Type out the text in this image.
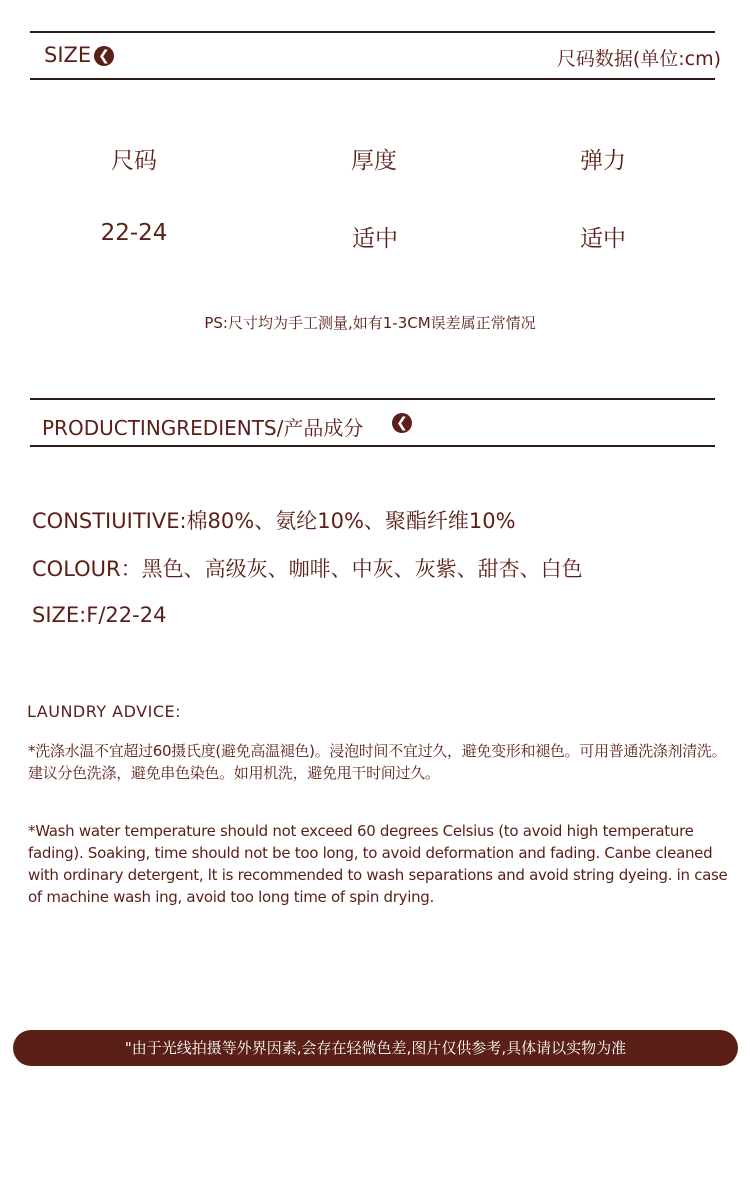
SIZE ❮	尺码数据(单位:cm)
尺码	厚度	弹力
22-24	适中	适中
PS:尺寸均为手工测量,如有1-3CM误差属正常情况
PRODUCTINGREDIENTS/产品成分 ❮
CONSTIUITIVE:棉80%、氨纶10%、聚酯纤维10%
COLOUR：黑色、高级灰、咖啡、中灰、灰紫、甜杏、白色
SIZE:F/22-24
LAUNDRY ADVICE:
*洗涤水温不宜超过60摄氏度(避免高温褪色)。浸泡时间不宜过久，避免变形和褪色。可用普通洗涤剂清洗。建议分色洗涤，避免串色染色。如用机洗，避免甩干时间过久。
*Wash water temperature should not exceed 60 degrees Celsius (to avoid high temperature fading). Soaking, time should not be too long, to avoid deformation and fading. Canbe cleaned with ordinary detergent, lt is recommended to wash separations and avoid string dyeing. in case of machine wash ing, avoid too long time of spin drying.
"由于光线拍摄等外界因素,会存在轻微色差,图片仅供参考,具体请以实物为准
